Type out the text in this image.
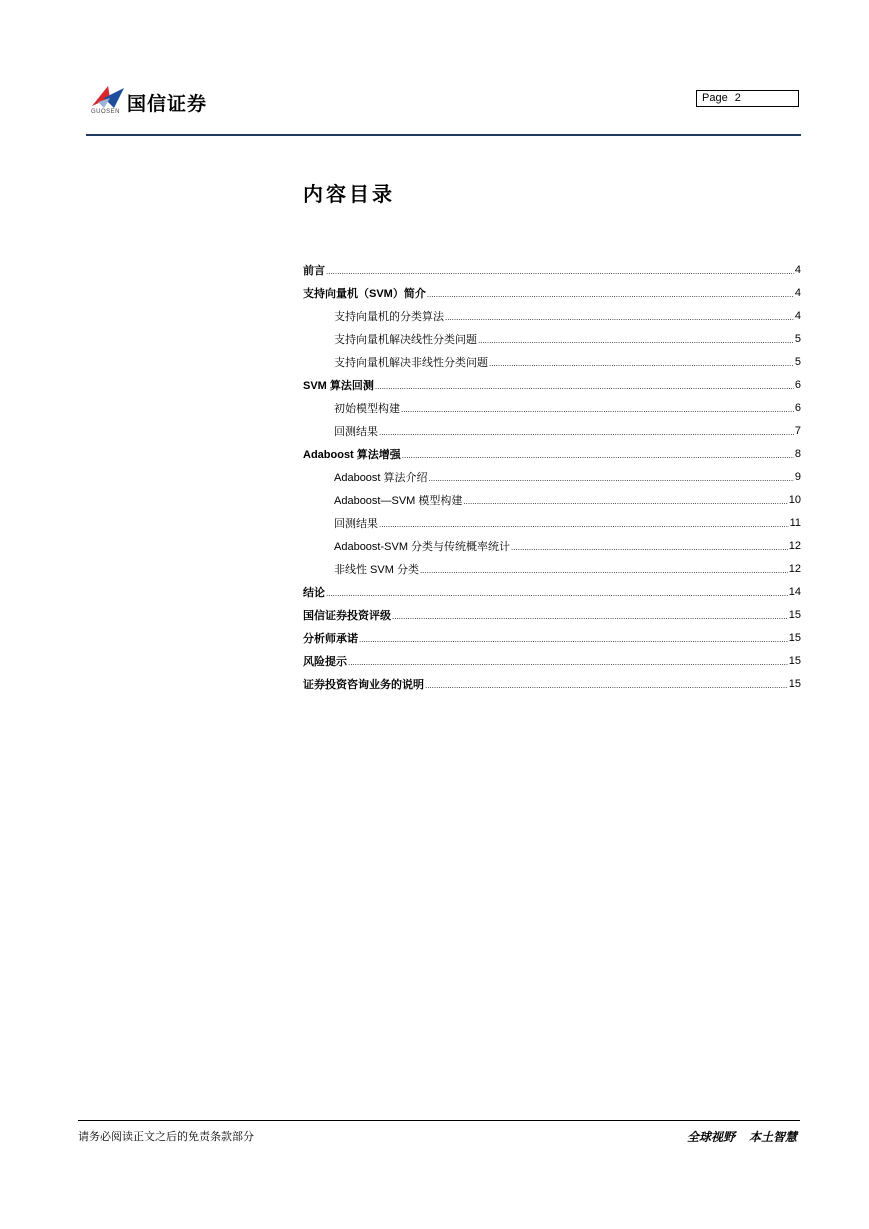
国信证券
GUOSEN
Page 2
内容目录
前言 .....	4
支持向量机（SVM）简介 .....	4
支持向量机的分类算法 .....	4
支持向量机解决线性分类问题 .....	5
支持向量机解决非线性分类问题 .....	5
SVM 算法回测 .....	6
初始模型构建 .....	6
回测结果 .....	7
Adaboost 算法增强 .....	8
Adaboost 算法介绍 .....	9
Adaboost—SVM 模型构建 .....	10
回测结果 .....	11
Adaboost-SVM 分类与传统概率统计 .....	12
非线性 SVM 分类 .....	12
结论 .....	14
国信证券投资评级 .....	15
分析师承诺 .....	15
风险提示 .....	15
证券投资咨询业务的说明 .....	15
请务必阅读正文之后的免责条款部分	全球视野 本土智慧
